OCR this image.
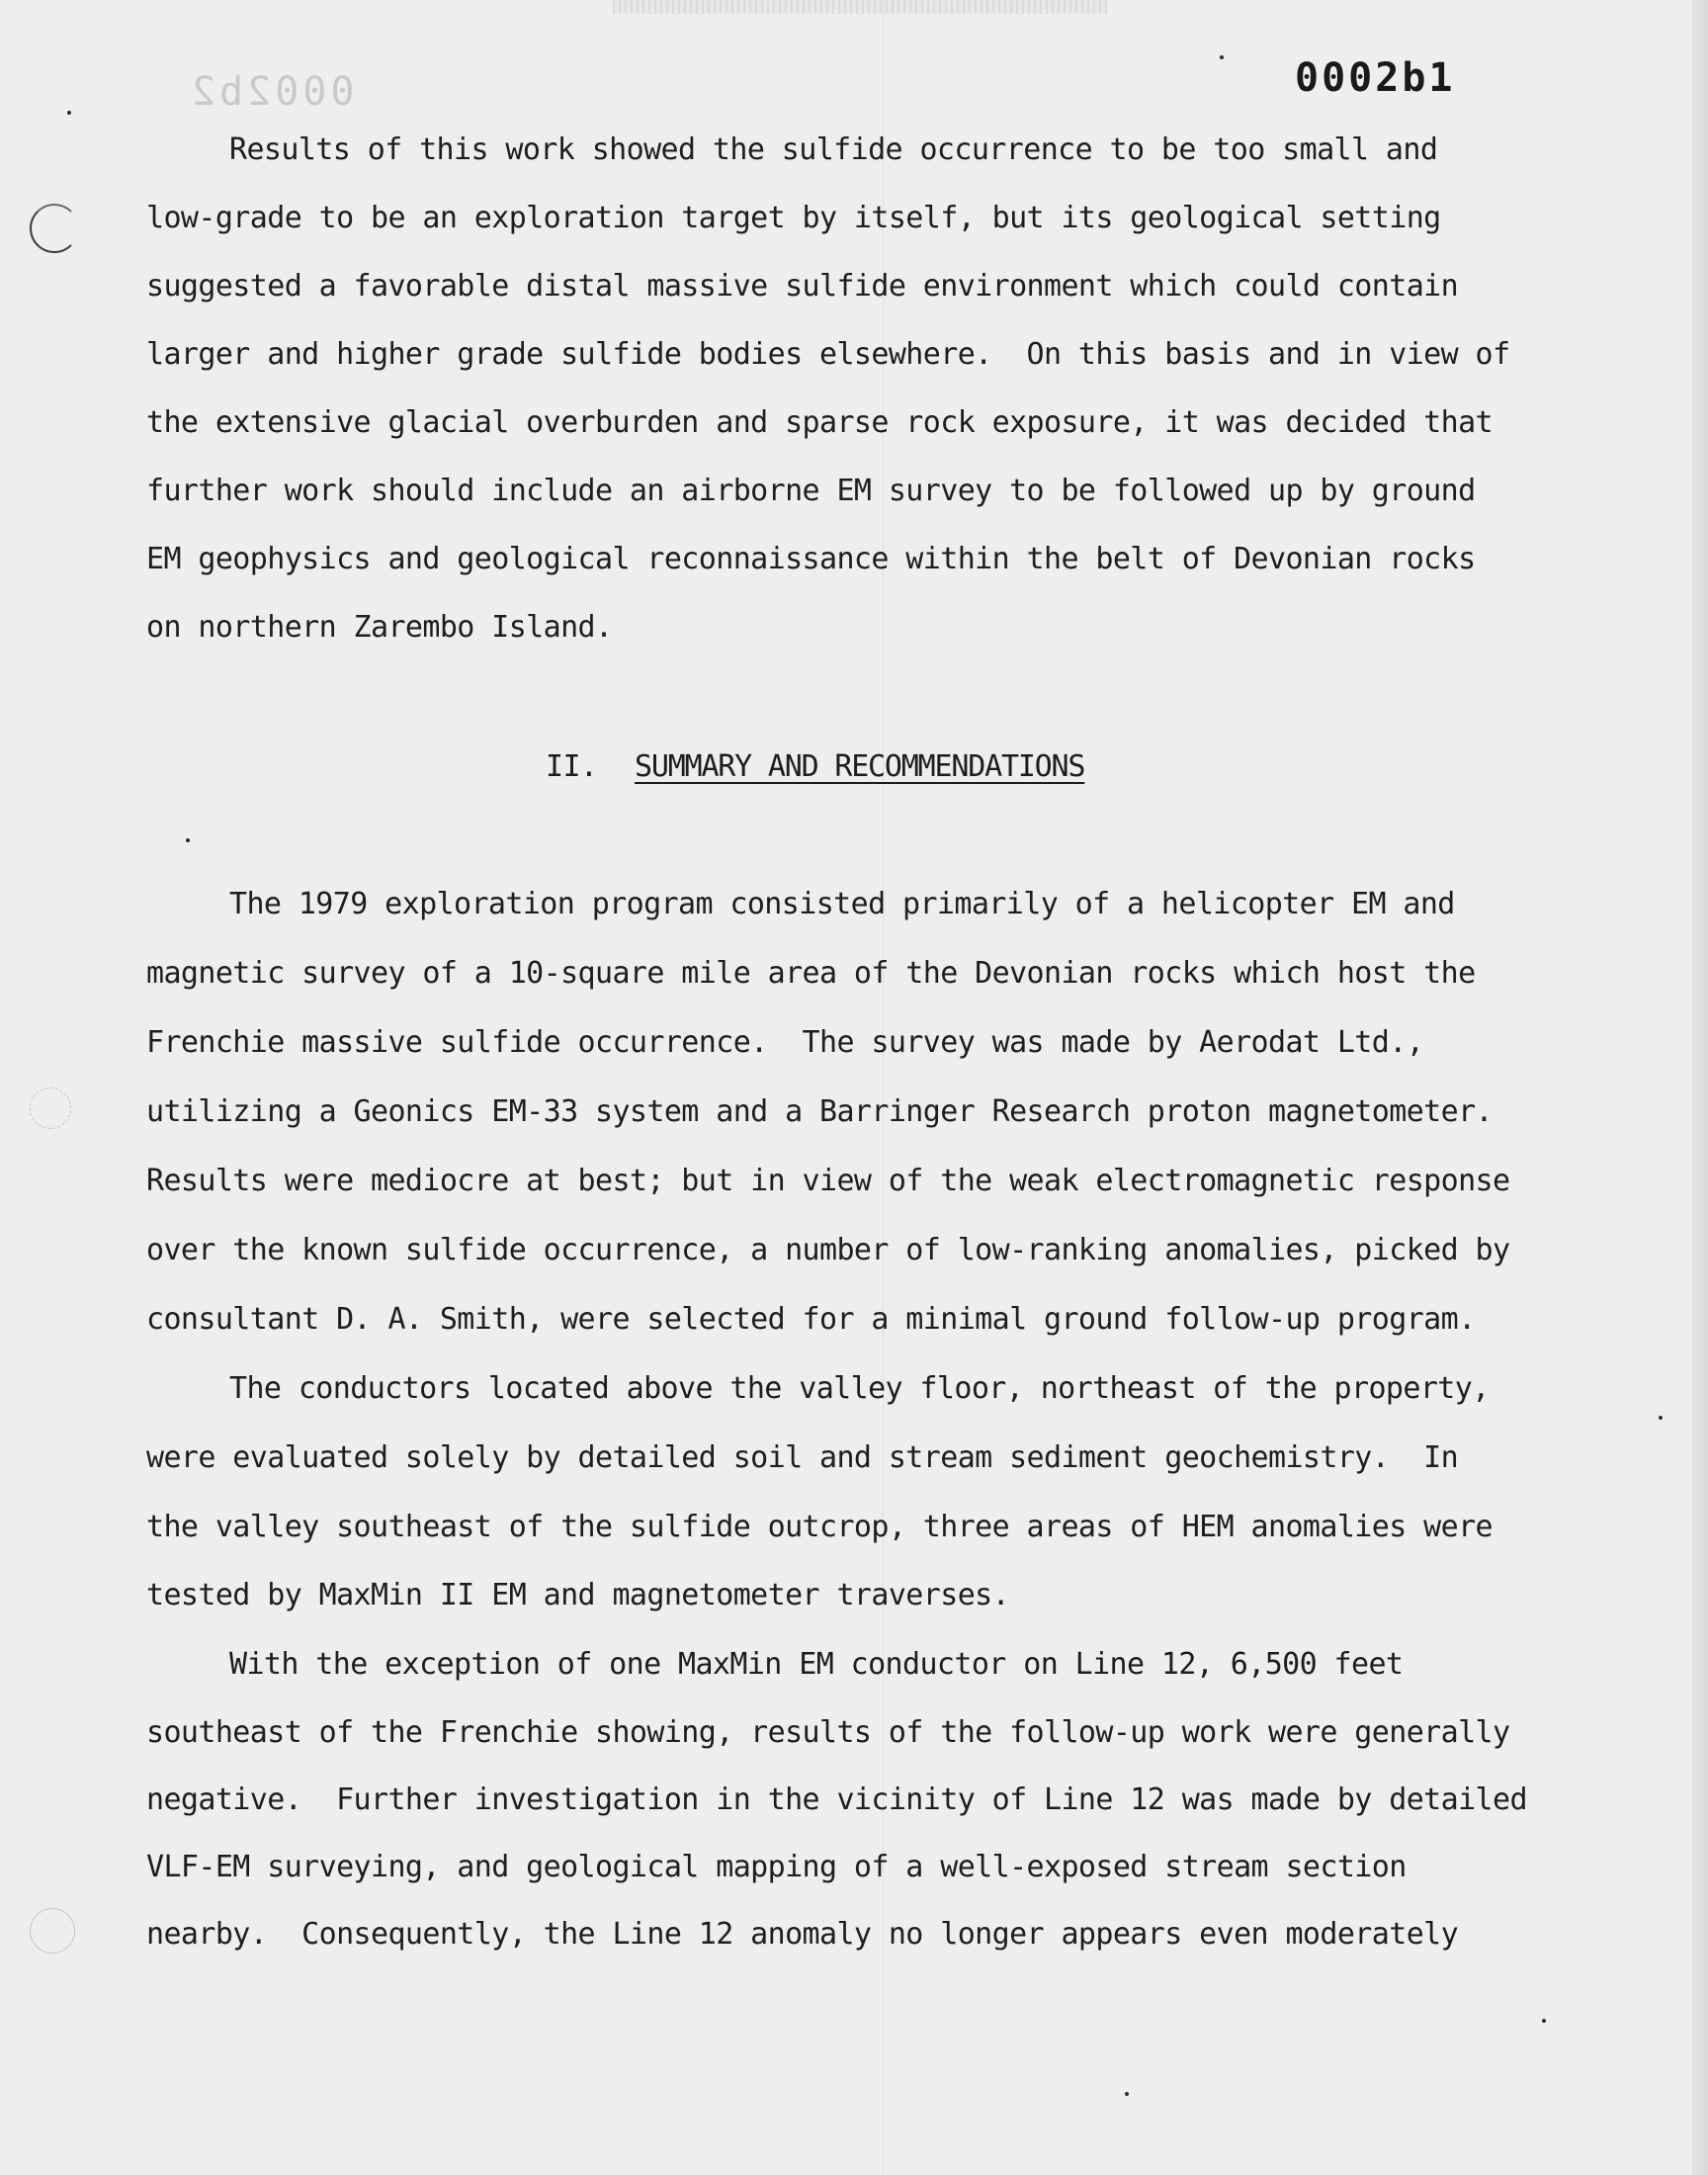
0002b2	0002b1
Results of this work showed the sulfide occurrence to be too small and
low-grade to be an exploration target by itself, but its geological setting
suggested a favorable distal massive sulfide environment which could contain
larger and higher grade sulfide bodies elsewhere.  On this basis and in view of
the extensive glacial overburden and sparse rock exposure, it was decided that
further work should include an airborne EM survey to be followed up by ground
EM geophysics and geological reconnaissance within the belt of Devonian rocks
on northern Zarembo Island.
II. SUMMARY AND RECOMMENDATIONS
The 1979 exploration program consisted primarily of a helicopter EM and
magnetic survey of a 10-square mile area of the Devonian rocks which host the
Frenchie massive sulfide occurrence.  The survey was made by Aerodat Ltd.,
utilizing a Geonics EM-33 system and a Barringer Research proton magnetometer.
Results were mediocre at best; but in view of the weak electromagnetic response
over the known sulfide occurrence, a number of low-ranking anomalies, picked by
consultant D. A. Smith, were selected for a minimal ground follow-up program.
The conductors located above the valley floor, northeast of the property,
were evaluated solely by detailed soil and stream sediment geochemistry.  In
the valley southeast of the sulfide outcrop, three areas of HEM anomalies were
tested by MaxMin II EM and magnetometer traverses.
With the exception of one MaxMin EM conductor on Line 12, 6,500 feet
southeast of the Frenchie showing, results of the follow-up work were generally
negative.  Further investigation in the vicinity of Line 12 was made by detailed
VLF-EM surveying, and geological mapping of a well-exposed stream section
nearby.  Consequently, the Line 12 anomaly no longer appears even moderately
